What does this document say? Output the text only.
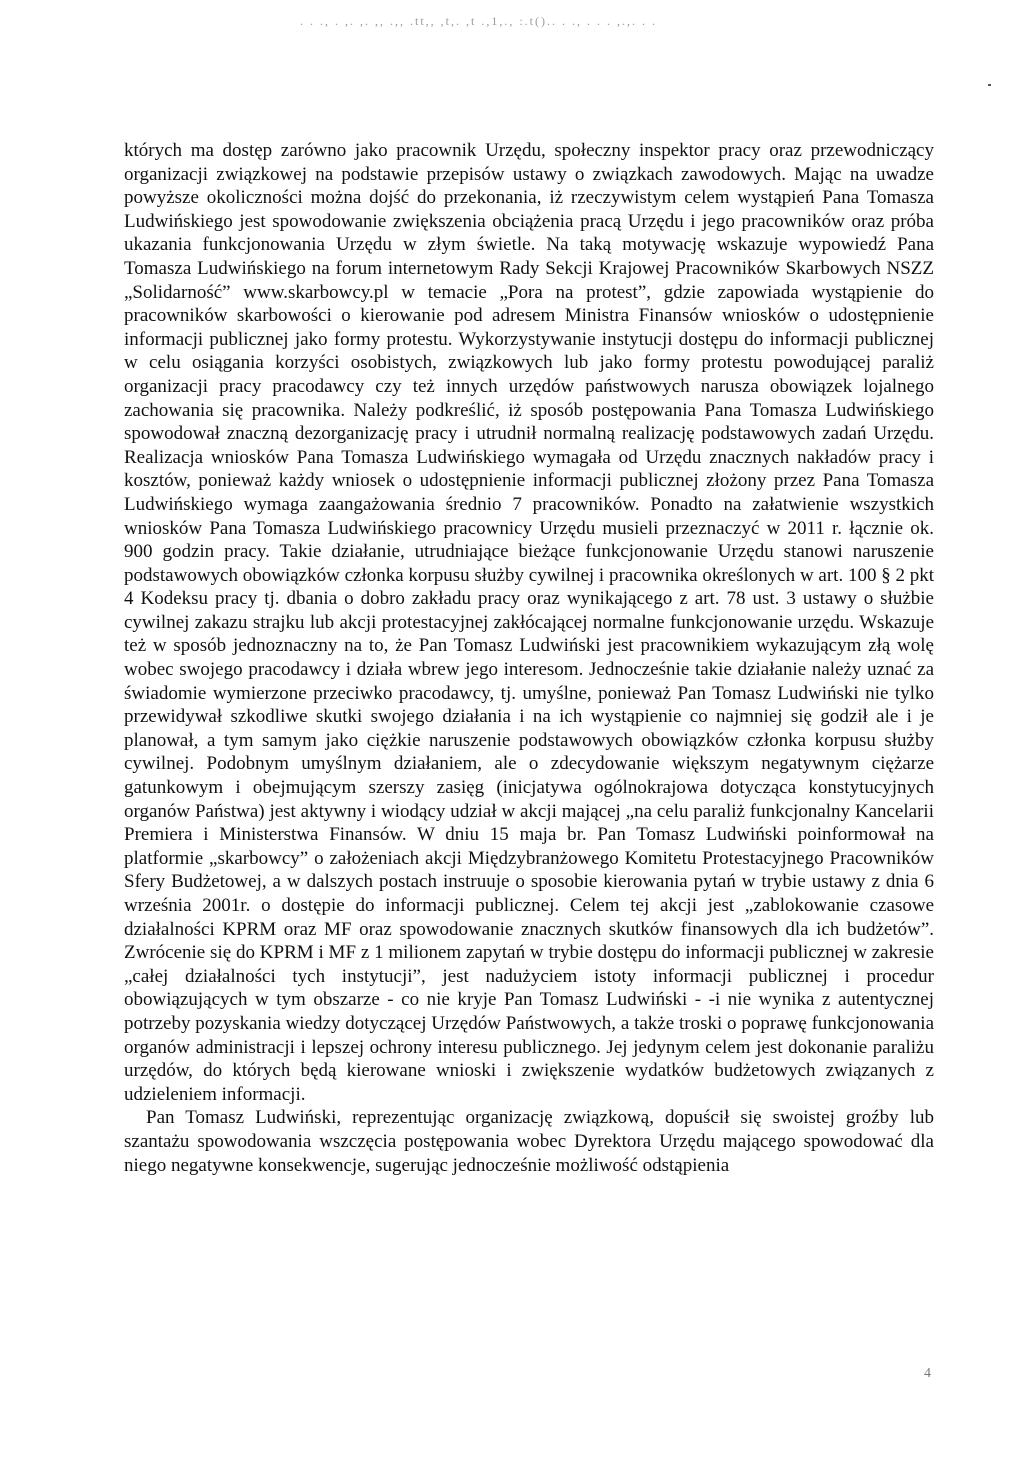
. . ., . ,. ,. ,, .,, .tt,, ,t,. ,t .,1,., :.t().. . ., . . . ,.,. . .

których ma dostęp zarówno jako pracownik Urzędu, społeczny inspektor pracy oraz przewodniczący organizacji związkowej na podstawie przepisów ustawy o związkach zawodowych. Mając na uwadze powyższe okoliczności można dojść do przekonania, iż rzeczywistym celem wystąpień Pana Tomasza Ludwińskiego jest spowodowanie zwiększenia obciążenia pracą Urzędu i jego pracowników oraz próba ukazania funkcjonowania Urzędu w złym świetle. Na taką motywację wskazuje wypowiedź Pana Tomasza Ludwińskiego na forum internetowym Rady Sekcji Krajowej Pracowników Skarbowych NSZZ „Solidarność” www.skarbowcy.pl w temacie „Pora na protest”, gdzie zapowiada wystąpienie do pracowników skarbowości o kierowanie pod adresem Ministra Finansów wniosków o udostępnienie informacji publicznej jako formy protestu. Wykorzystywanie instytucji dostępu do informacji publicznej w celu osiągania korzyści osobistych, związkowych lub jako formy protestu powodującej paraliż organizacji pracy pracodawcy czy też innych urzędów państwowych narusza obowiązek lojalnego zachowania się pracownika. Należy podkreślić, iż sposób postępowania Pana Tomasza Ludwińskiego spowodował znaczną dezorganizację pracy i utrudnił normalną realizację podstawowych zadań Urzędu. Realizacja wniosków Pana Tomasza Ludwińskiego wymagała od Urzędu znacznych nakładów pracy i kosztów, ponieważ każdy wniosek o udostępnienie informacji publicznej złożony przez Pana Tomasza Ludwińskiego wymaga zaangażowania średnio 7 pracowników. Ponadto na załatwienie wszystkich wniosków Pana Tomasza Ludwińskiego pracownicy Urzędu musieli przeznaczyć w 2011 r. łącznie ok. 900 godzin pracy. Takie działanie, utrudniające bieżące funkcjonowanie Urzędu stanowi naruszenie podstawowych obowiązków członka korpusu służby cywilnej i pracownika określonych w art. 100 § 2 pkt 4 Kodeksu pracy tj. dbania o dobro zakładu pracy oraz wynikającego z art. 78 ust. 3 ustawy o służbie cywilnej zakazu strajku lub akcji protestacyjnej zakłócającej normalne funkcjonowanie urzędu. Wskazuje też w sposób jednoznaczny na to, że Pan Tomasz Ludwiński jest pracownikiem wykazującym złą wolę wobec swojego pracodawcy i działa wbrew jego interesom. Jednocześnie takie działanie należy uznać za świadomie wymierzone przeciwko pracodawcy, tj. umyślne, ponieważ Pan Tomasz Ludwiński nie tylko przewidywał szkodliwe skutki swojego działania i na ich wystąpienie co najmniej się godził ale i je planował, a tym samym jako ciężkie naruszenie podstawowych obowiązków członka korpusu służby cywilnej. Podobnym umyślnym działaniem, ale o zdecydowanie większym negatywnym ciężarze gatunkowym i obejmującym szerszy zasięg (inicjatywa ogólnokrajowa dotycząca konstytucyjnych organów Państwa) jest aktywny i wiodący udział w akcji mającej „na celu paraliż funkcjonalny Kancelarii Premiera i Ministerstwa Finansów. W dniu 15 maja br. Pan Tomasz Ludwiński poinformował na platformie „skarbowcy” o założeniach akcji Międzybranżowego Komitetu Protestacyjnego Pracowników Sfery Budżetowej, a w dalszych postach instruuje o sposobie kierowania pytań w trybie ustawy z dnia 6 września 2001r. o dostępie do informacji publicznej. Celem tej akcji jest „zablokowanie czasowe działalności KPRM oraz MF oraz spowodowanie znacznych skutków finansowych dla ich budżetów”. Zwrócenie się do KPRM i MF z 1 milionem zapytań w trybie dostępu do informacji publicznej w zakresie „całej działalności tych instytucji”, jest nadużyciem istoty informacji publicznej i procedur obowiązujących w tym obszarze - co nie kryje Pan Tomasz Ludwiński - -i nie wynika z autentycznej potrzeby pozyskania wiedzy dotyczącej Urzędów Państwowych, a także troski o poprawę funkcjonowania organów administracji i lepszej ochrony interesu publicznego. Jej jedynym celem jest dokonanie paraliżu urzędów, do których będą kierowane wnioski i zwiększenie wydatków budżetowych związanych z udzieleniem informacji.

Pan Tomasz Ludwiński, reprezentując organizację związkową, dopuścił się swoistej groźby lub szantażu spowodowania wszczęcia postępowania wobec Dyrektora Urzędu mającego spowodować dla niego negatywne konsekwencje, sugerując jednocześnie możliwość odstąpienia

4
